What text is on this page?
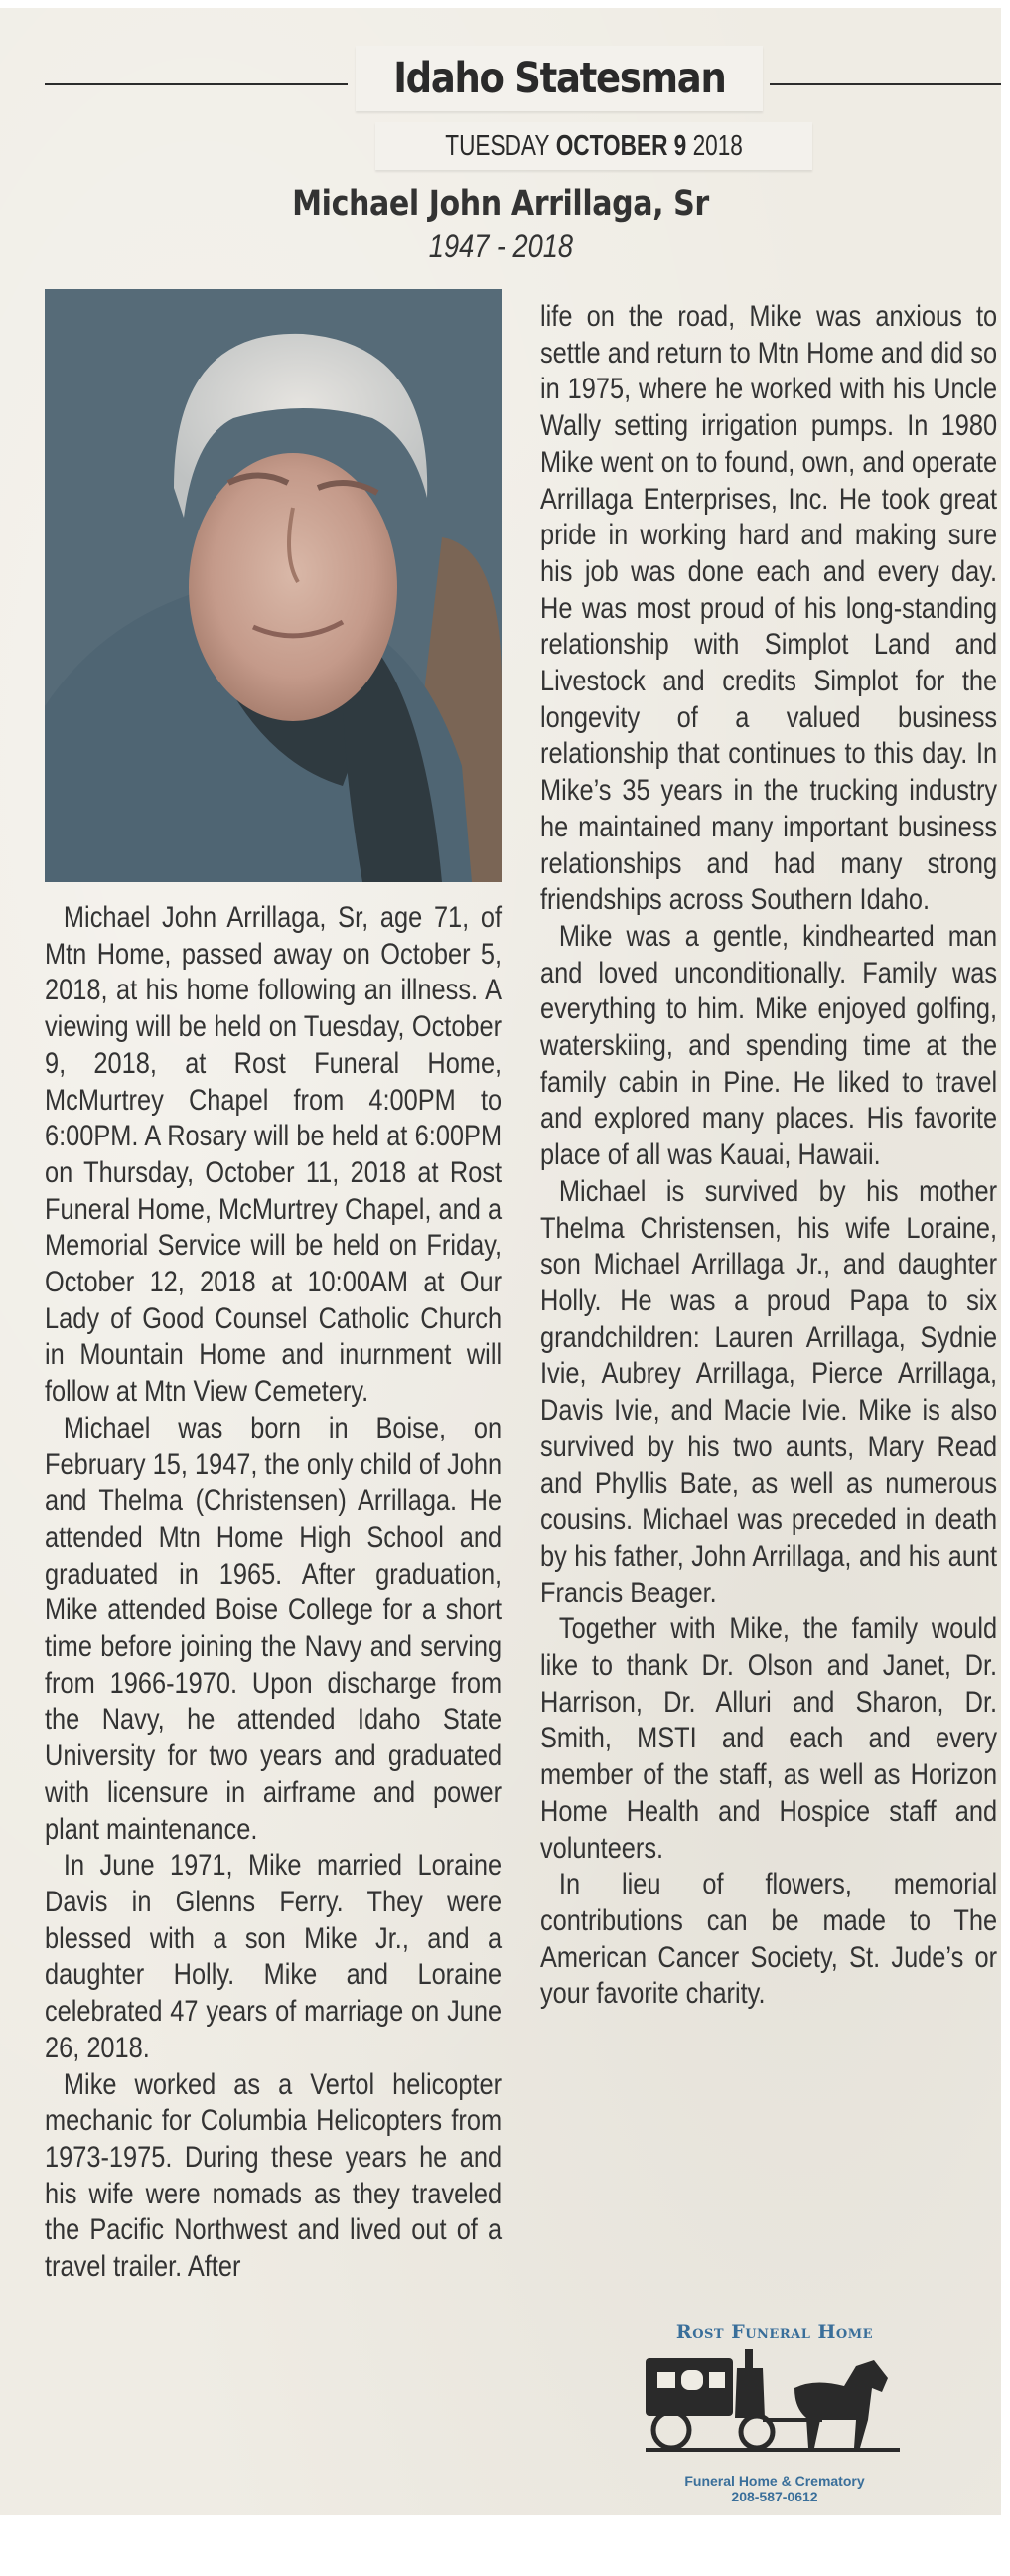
Idaho Statesman
TUESDAY OCTOBER 9 2018
Michael John Arrillaga, Sr
1947 - 2018

Michael John Arrillaga, Sr, age 71, of Mtn Home, passed away on October 5, 2018, at his home following an illness. A viewing will be held on Tuesday, October 9, 2018, at Rost Funeral Home, McMurtrey Chapel from 4:00PM to 6:00PM. A Rosary will be held at 6:00PM on Thursday, October 11, 2018 at Rost Funeral Home, McMurtrey Chapel, and a Memorial Service will be held on Friday, October 12, 2018 at 10:00AM at Our Lady of Good Counsel Catholic Church in Mountain Home and inurnment will follow at Mtn View Cemetery.

Michael was born in Boise, on February 15, 1947, the only child of John and Thelma (Christensen) Arrillaga. He attended Mtn Home High School and graduated in 1965. After graduation, Mike attended Boise College for a short time before joining the Navy and serving from 1966-1970. Upon discharge from the Navy, he attended Idaho State University for two years and graduated with licensure in airframe and power plant maintenance.

In June 1971, Mike married Loraine Davis in Glenns Ferry. They were blessed with a son Mike Jr., and a daughter Holly. Mike and Loraine celebrated 47 years of marriage on June 26, 2018.

Mike worked as a Vertol helicopter mechanic for Columbia Helicopters from 1973-1975. During these years he and his wife were nomads as they traveled the Pacific Northwest and lived out of a travel trailer. After

life on the road, Mike was anxious to settle and return to Mtn Home and did so in 1975, where he worked with his Uncle Wally setting irrigation pumps. In 1980 Mike went on to found, own, and operate Arrillaga Enterprises, Inc. He took great pride in working hard and making sure his job was done each and every day. He was most proud of his long-standing relationship with Simplot Land and Livestock and credits Simplot for the longevity of a valued business relationship that continues to this day. In Mike’s 35 years in the trucking industry he maintained many important business relationships and had many strong friendships across Southern Idaho.

Mike was a gentle, kindhearted man and loved unconditionally. Family was everything to him. Mike enjoyed golfing, waterskiing, and spending time at the family cabin in Pine. He liked to travel and explored many places. His favorite place of all was Kauai, Hawaii.

Michael is survived by his mother Thelma Christensen, his wife Loraine, son Michael Arrillaga Jr., and daughter Holly. He was a proud Papa to six grandchildren: Lauren Arrillaga, Sydnie Ivie, Aubrey Arrillaga, Pierce Arrillaga, Davis Ivie, and Macie Ivie. Mike is also survived by his two aunts, Mary Read and Phyllis Bate, as well as numerous cousins. Michael was preceded in death by his father, John Arrillaga, and his aunt Francis Beager.

Together with Mike, the family would like to thank Dr. Olson and Janet, Dr. Harrison, Dr. Alluri and Sharon, Dr. Smith, MSTI and each and every member of the staff, as well as Horizon Home Health and Hospice staff and volunteers.

In lieu of flowers, memorial contributions can be made to The American Cancer Society, St. Jude’s or your favorite charity.

Rost Funeral Home
Funeral Home & Crematory
208-587-0612
